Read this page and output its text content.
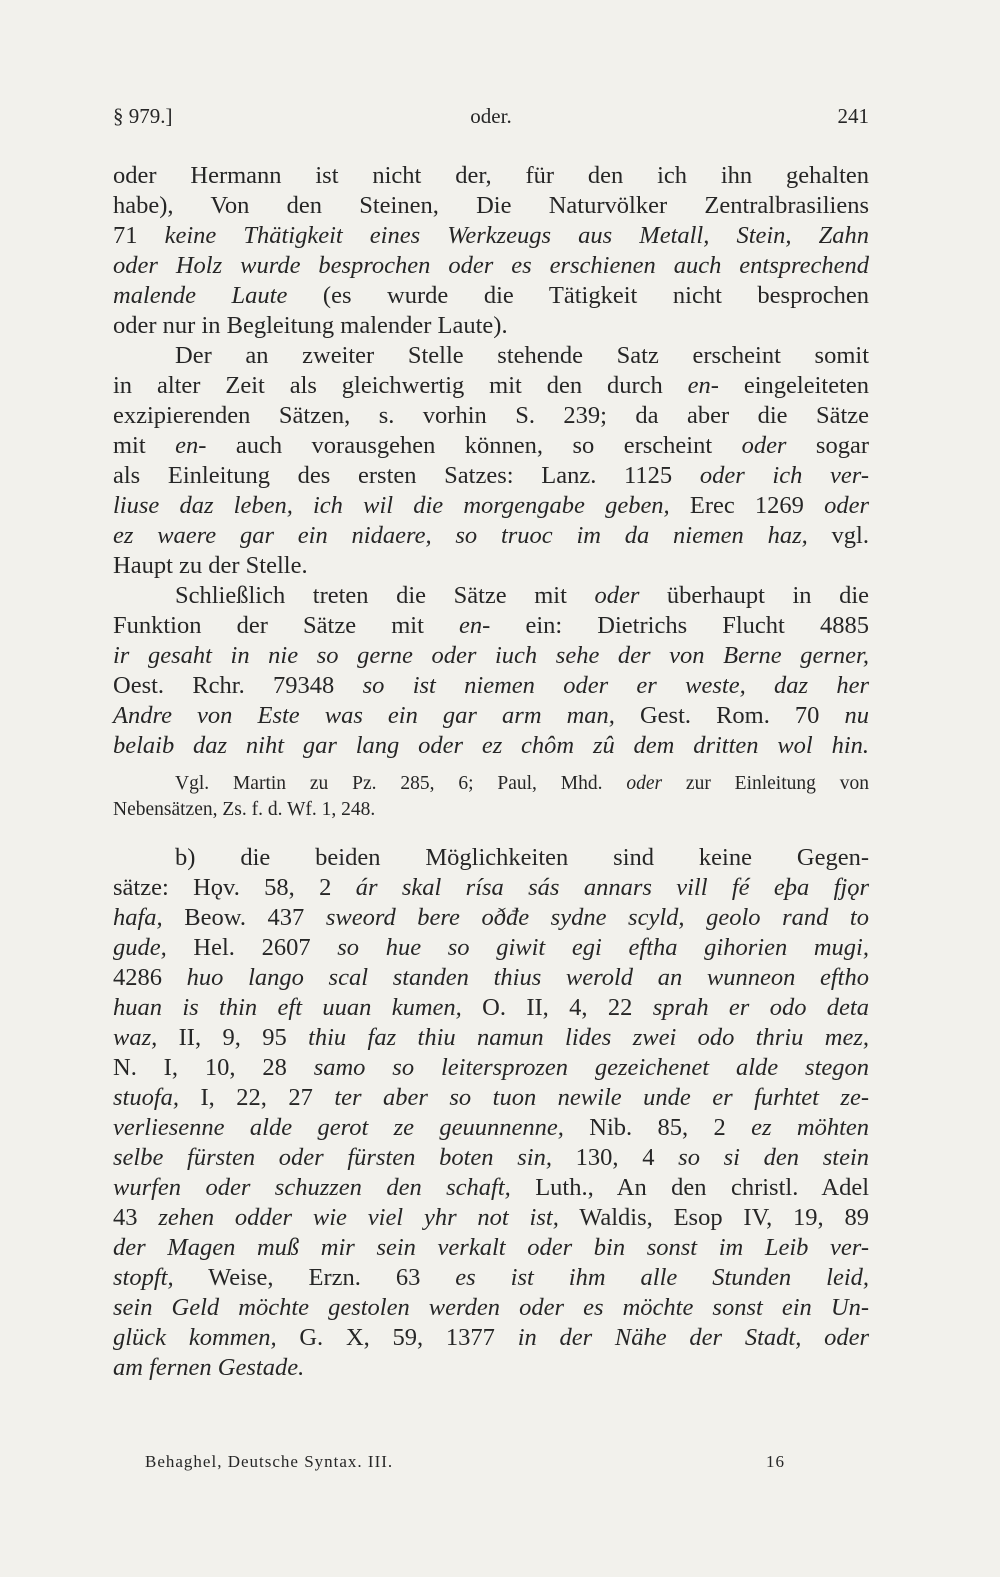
§ 979.]	oder.	241
oder Hermann ist nicht der, für den ich ihn gehalten
habe), Von den Steinen, Die Naturvölker Zentralbrasiliens
71 keine Thätigkeit eines Werkzeugs aus Metall, Stein, Zahn
oder Holz wurde besprochen oder es erschienen auch entsprechend
malende Laute (es wurde die Tätigkeit nicht besprochen
oder nur in Begleitung malender Laute).
Der an zweiter Stelle stehende Satz erscheint somit
in alter Zeit als gleichwertig mit den durch en- eingeleiteten
exzipierenden Sätzen, s. vorhin S. 239; da aber die Sätze
mit en- auch vorausgehen können, so erscheint oder sogar
als Einleitung des ersten Satzes: Lanz. 1125 oder ich ver-
liuse daz leben, ich wil die morgengabe geben, Erec 1269 oder
ez waere gar ein nidaere, so truoc im da niemen haz, vgl.
Haupt zu der Stelle.
Schließlich treten die Sätze mit oder überhaupt in die
Funktion der Sätze mit en- ein: Dietrichs Flucht 4885
ir gesaht in nie so gerne oder iuch sehe der von Berne gerner,
Oest. Rchr. 79348 so ist niemen oder er weste, daz her
Andre von Este was ein gar arm man, Gest. Rom. 70 nu
belaib daz niht gar lang oder ez chôm zû dem dritten wol hin.
Vgl. Martin zu Pz. 285, 6; Paul, Mhd. oder zur Einleitung von
Nebensätzen, Zs. f. d. Wf. 1, 248.
b) die beiden Möglichkeiten sind keine Gegen-
sätze: Hǫv. 58, 2 ár skal rísa sás annars vill fé eþa fjǫr
hafa, Beow. 437 sweord bere oðđe sydne scyld, geolo rand to
gude, Hel. 2607 so hue so giwit egi eftha gihorien mugi,
4286 huo lango scal standen thius werold an wunneon eftho
huan is thin eft uuan kumen, O. II, 4, 22 sprah er odo deta
waz, II, 9, 95 thiu faz thiu namun lides zwei odo thriu mez,
N. I, 10, 28 samo so leitersprozen gezeichenet alde stegon
stuofa, I, 22, 27 ter aber so tuon newile unde er furhtet ze-
verliesenne alde gerot ze geuunnenne, Nib. 85, 2 ez möhten
selbe fürsten oder fürsten boten sin, 130, 4 so si den stein
wurfen oder schuzzen den schaft, Luth., An den christl. Adel
43 zehen odder wie viel yhr not ist, Waldis, Esop IV, 19, 89
der Magen muß mir sein verkalt oder bin sonst im Leib ver-
stopft, Weise, Erzn. 63 es ist ihm alle Stunden leid,
sein Geld möchte gestolen werden oder es möchte sonst ein Un-
glück kommen, G. X, 59, 1377 in der Nähe der Stadt, oder
am fernen Gestade.
Behaghel, Deutsche Syntax. III.	16
